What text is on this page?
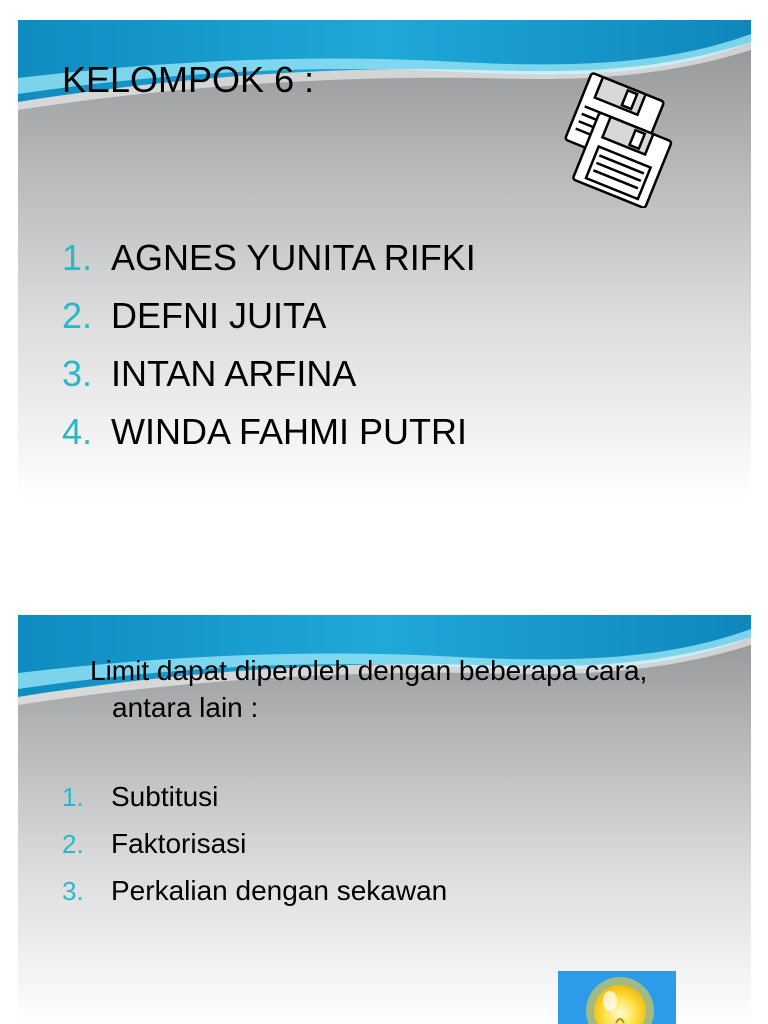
KELOMPOK 6 :
1. AGNES YUNITA RIFKI
2. DEFNI JUITA
3. INTAN ARFINA
4. WINDA FAHMI PUTRI

Limit dapat diperoleh dengan beberapa cara, antara lain :

1. Subtitusi
2. Faktorisasi
3. Perkalian dengan sekawan
